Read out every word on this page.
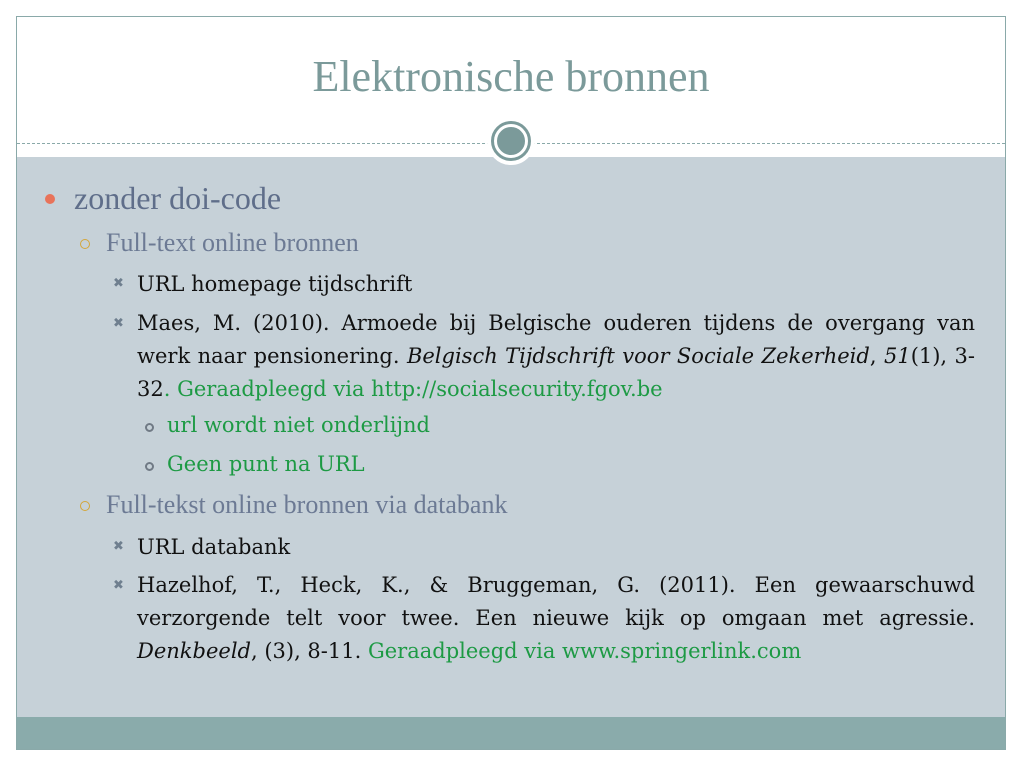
Elektronische bronnen
zonder doi-code
Full-text online bronnen
✖ URL homepage tijdschrift
✖ Maes, M. (2010). Armoede bij Belgische ouderen tijdens de overgang van werk naar pensionering. Belgisch Tijdschrift voor Sociale Zekerheid, 51(1), 3-32. Geraadpleegd via http://socialsecurity.fgov.be
url wordt niet onderlijnd
Geen punt na URL
Full-tekst online bronnen via databank
✖ URL databank
✖ Hazelhof, T., Heck, K., & Bruggeman, G. (2011). Een gewaarschuwd verzorgende telt voor twee. Een nieuwe kijk op omgaan met agressie. Denkbeeld, (3), 8-11. Geraadpleegd via www.springerlink.com
